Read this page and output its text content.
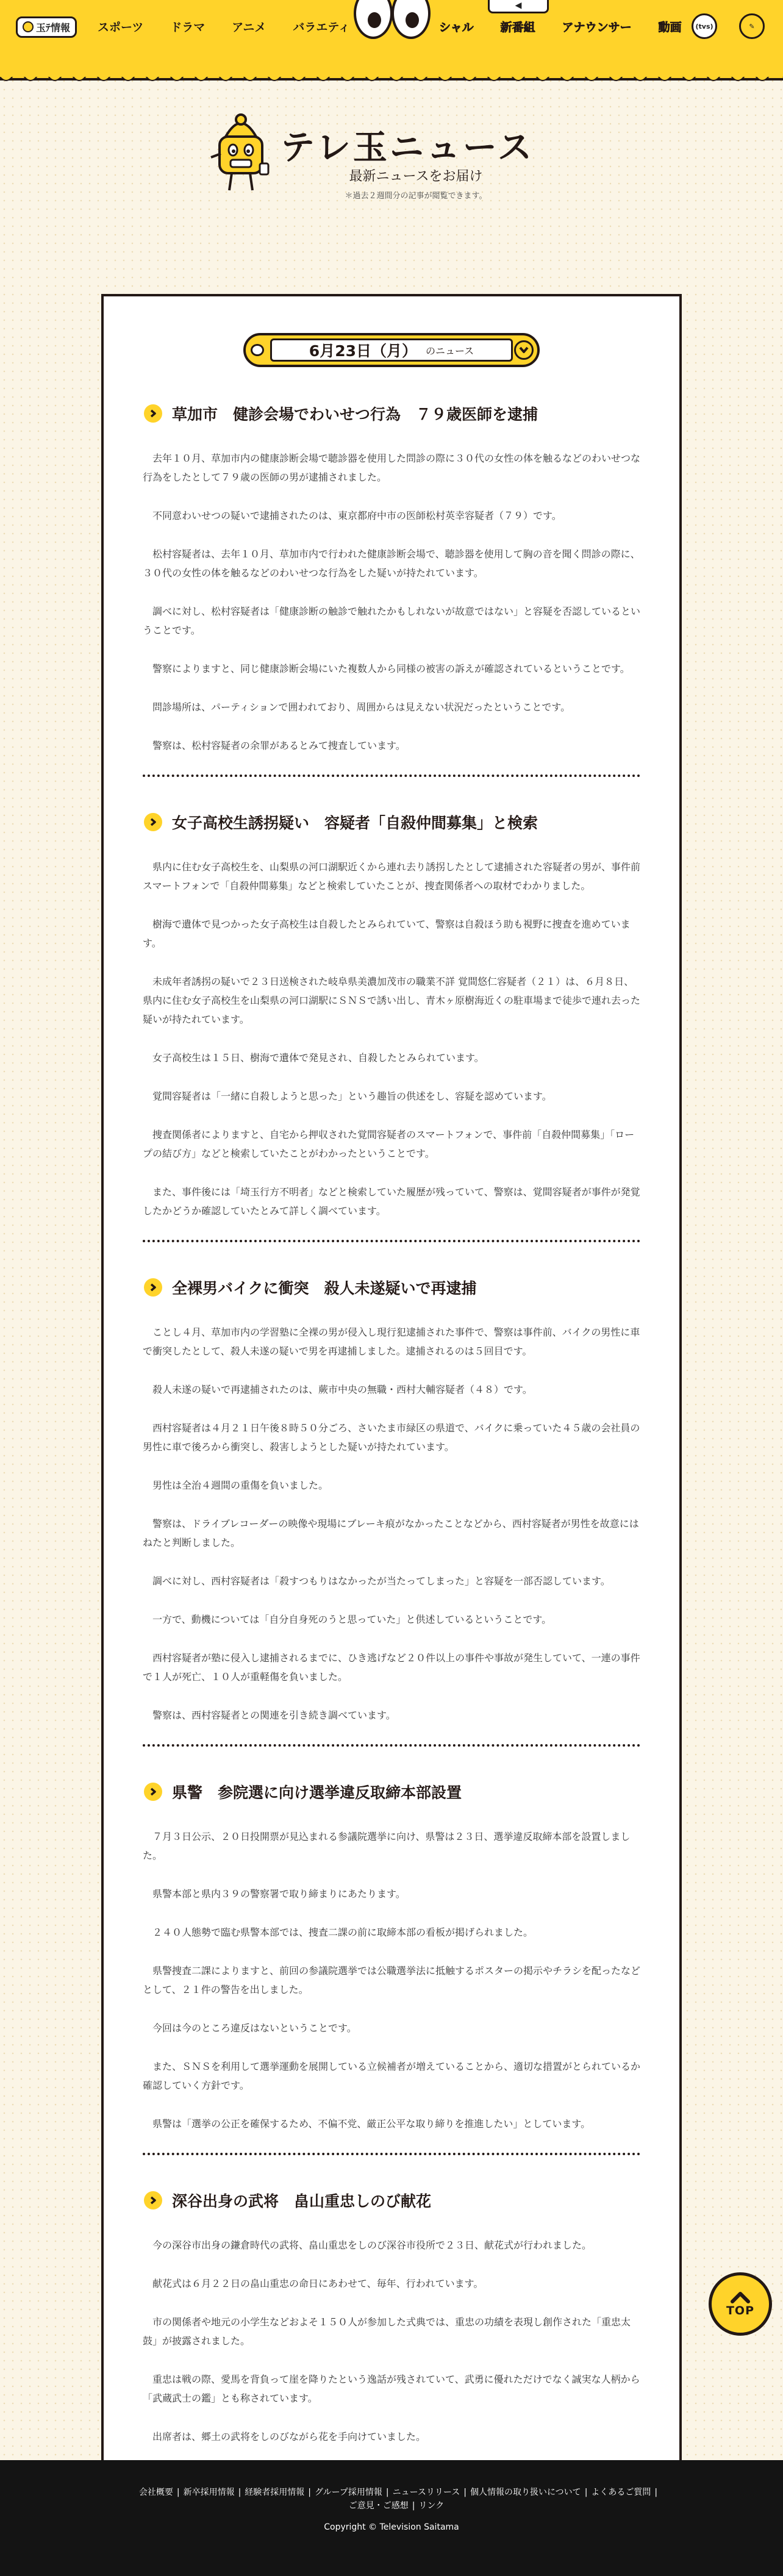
玉ﾃ情報 スポーツ ドラマ アニメ バラエティ
◀
シャル 新番組 アナウンサー 動画	(tvs)	✎
テレ玉ニュース
最新ニュースをお届け
＊過去２週間分の記事が閲覧できます。
6月23日（月） のニュース
草加市　健診会場でわいせつ行為　７９歳医師を逮捕

去年１０月、草加市内の健康診断会場で聴診器を使用した問診の際に３０代の女性の体を触るなどのわいせつな行為をしたとして７９歳の医師の男が逮捕されました。

不同意わいせつの疑いで逮捕されたのは、東京都府中市の医師松村英幸容疑者（７９）です。

松村容疑者は、去年１０月、草加市内で行われた健康診断会場で、聴診器を使用して胸の音を聞く問診の際に、３０代の女性の体を触るなどのわいせつな行為をした疑いが持たれています。

調べに対し、松村容疑者は「健康診断の触診で触れたかもしれないが故意ではない」と容疑を否認しているということです。

警察によりますと、同じ健康診断会場にいた複数人から同様の被害の訴えが確認されているということです。

問診場所は、パーティションで囲われており、周囲からは見えない状況だったということです。

警察は、松村容疑者の余罪があるとみて捜査しています。

女子高校生誘拐疑い　容疑者「自殺仲間募集」と検索

県内に住む女子高校生を、山梨県の河口湖駅近くから連れ去り誘拐したとして逮捕された容疑者の男が、事件前スマートフォンで「自殺仲間募集」などと検索していたことが、捜査関係者への取材でわかりました。

樹海で遺体で見つかった女子高校生は自殺したとみられていて、警察は自殺ほう助も視野に捜査を進めています。

未成年者誘拐の疑いで２３日送検された岐阜県美濃加茂市の職業不詳 覚間悠仁容疑者（２１）は、６月８日、県内に住む女子高校生を山梨県の河口湖駅にＳＮＳで誘い出し、青木ヶ原樹海近くの駐車場まで徒歩で連れ去った疑いが持たれています。

女子高校生は１５日、樹海で遺体で発見され、自殺したとみられています。

覚間容疑者は「一緒に自殺しようと思った」という趣旨の供述をし、容疑を認めています。

捜査関係者によりますと、自宅から押収された覚間容疑者のスマートフォンで、事件前「自殺仲間募集」「ロープの結び方」などと検索していたことがわかったということです。

また、事件後には「埼玉行方不明者」などと検索していた履歴が残っていて、警察は、覚間容疑者が事件が発覚したかどうか確認していたとみて詳しく調べています。

全裸男バイクに衝突　殺人未遂疑いで再逮捕

ことし４月、草加市内の学習塾に全裸の男が侵入し現行犯逮捕された事件で、警察は事件前、バイクの男性に車で衝突したとして、殺人未遂の疑いで男を再逮捕しました。逮捕されるのは５回目です。

殺人未遂の疑いで再逮捕されたのは、蕨市中央の無職・西村大輔容疑者（４８）です。

西村容疑者は４月２１日午後８時５０分ごろ、さいたま市緑区の県道で、バイクに乗っていた４５歳の会社員の男性に車で後ろから衝突し、殺害しようとした疑いが持たれています。

男性は全治４週間の重傷を負いました。

警察は、ドライブレコーダーの映像や現場にブレーキ痕がなかったことなどから、西村容疑者が男性を故意にはねたと判断しました。

調べに対し、西村容疑者は「殺すつもりはなかったが当たってしまった」と容疑を一部否認しています。

一方で、動機については「自分自身死のうと思っていた」と供述しているということです。

西村容疑者が塾に侵入し逮捕されるまでに、ひき逃げなど２０件以上の事件や事故が発生していて、一連の事件で１人が死亡、１０人が重軽傷を負いました。

警察は、西村容疑者との関連を引き続き調べています。

県警　参院選に向け選挙違反取締本部設置

７月３日公示、２０日投開票が見込まれる参議院選挙に向け、県警は２３日、選挙違反取締本部を設置しました。

県警本部と県内３９の警察署で取り締まりにあたります。

２４０人態勢で臨む県警本部では、捜査二課の前に取締本部の看板が掲げられました。

県警捜査二課によりますと、前回の参議院選挙では公職選挙法に抵触するポスターの掲示やチラシを配ったなどとして、２１件の警告を出しました。

今回は今のところ違反はないということです。

また、ＳＮＳを利用して選挙運動を展開している立候補者が増えていることから、適切な措置がとられているか確認していく方針です。

県警は「選挙の公正を確保するため、不偏不党、厳正公平な取り締りを推進したい」としています。

深谷出身の武将　畠山重忠しのび献花

今の深谷市出身の鎌倉時代の武将、畠山重忠をしのび深谷市役所で２３日、献花式が行われました。

献花式は６月２２日の畠山重忠の命日にあわせて、毎年、行われています。

市の関係者や地元の小学生などおよそ１５０人が参加した式典では、重忠の功績を表現し創作された「重忠太鼓」が披露されました。

重忠は戦の際、愛馬を背負って崖を降りたという逸話が残されていて、武勇に優れただけでなく誠実な人柄から「武蔵武士の鑑」とも称されています。

出席者は、郷土の武将をしのびながら花を手向けていました。

TOP
会社概要 | 新卒採用情報 | 経験者採用情報 | グループ採用情報 | ニュースリリース | 個人情報の取り扱いについて | よくあるご質問 |
ご意見・ご感想 | リンク
Copyright © Television Saitama
